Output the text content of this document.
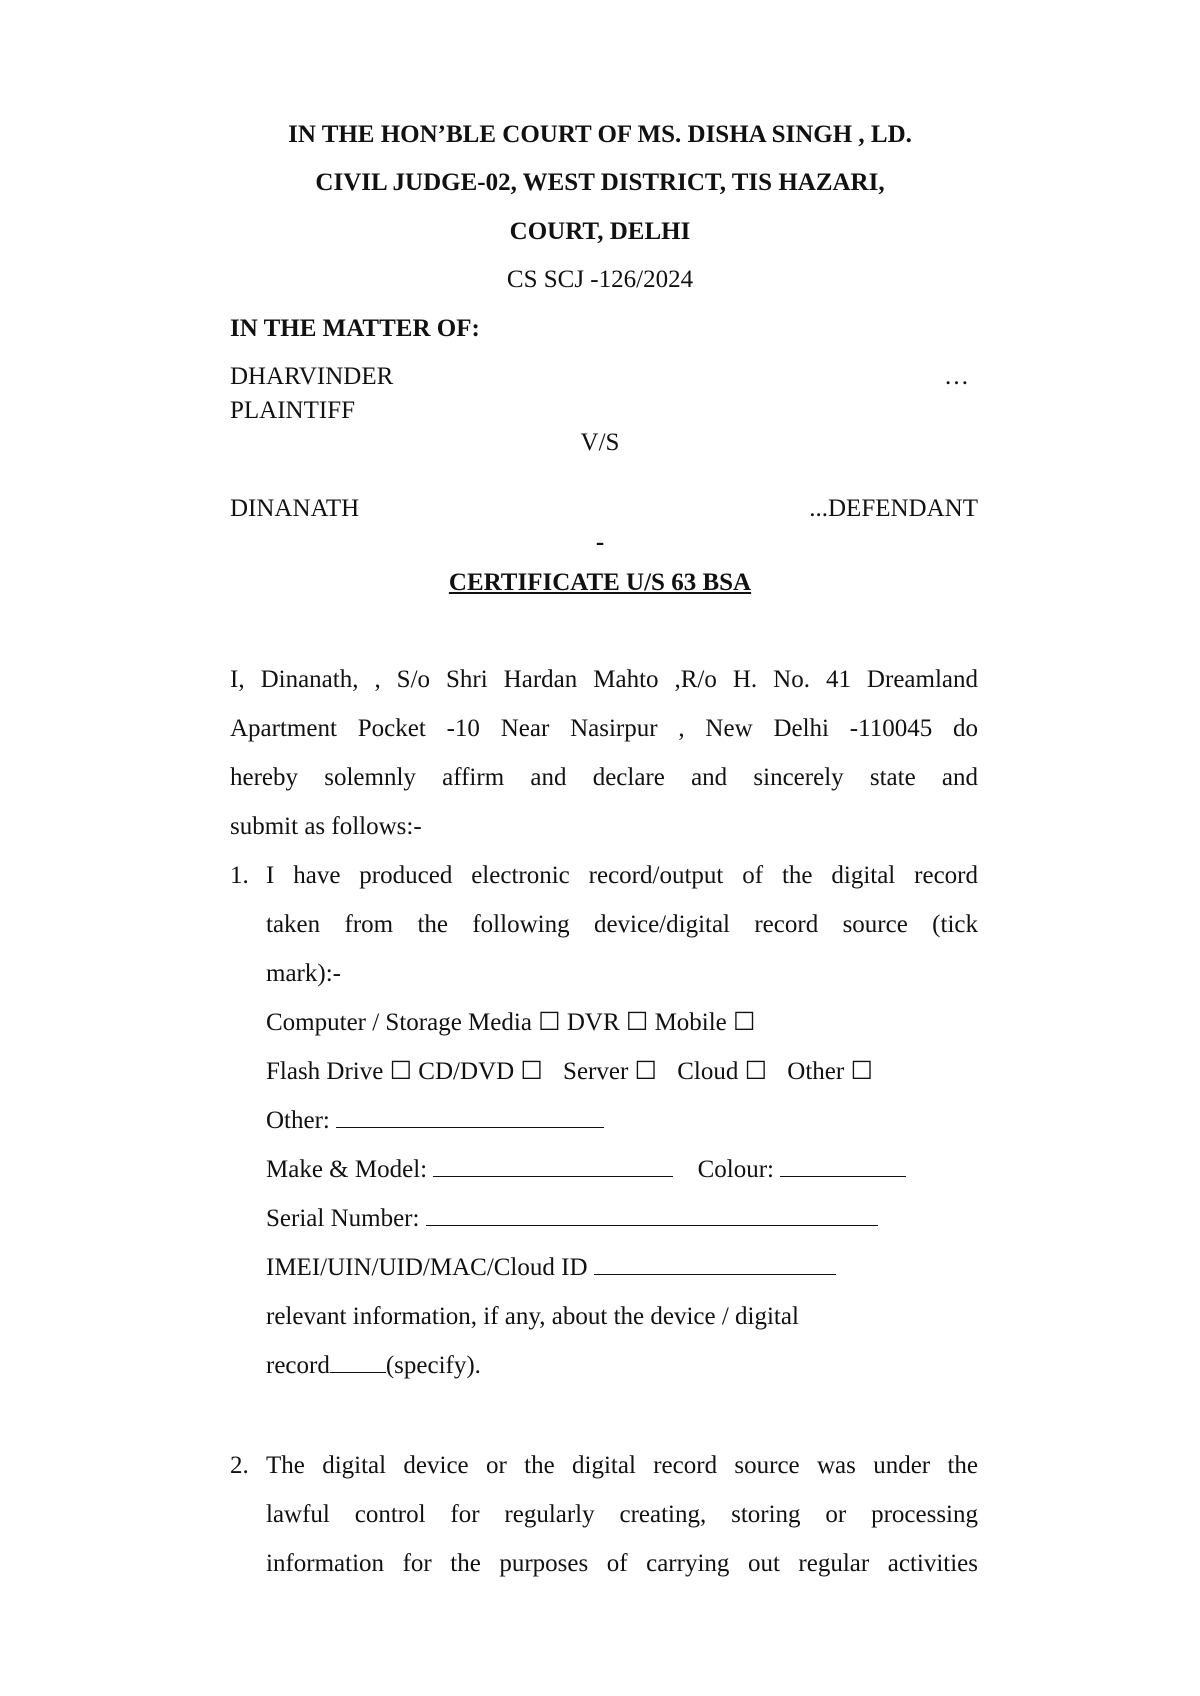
IN THE HON’BLE COURT OF MS. DISHA SINGH , LD.
CIVIL JUDGE-02, WEST DISTRICT, TIS HAZARI,
COURT, DELHI
CS SCJ -126/2024
IN THE MATTER OF:
DHARVINDER	…
PLAINTIFF
V/S
DINANATH	...DEFENDANT
-
CERTIFICATE U/S 63 BSA
I, Dinanath, , S/o Shri Hardan Mahto ,R/o H. No. 41 Dreamland
Apartment Pocket -10 Near Nasirpur , New Delhi -110045 do
hereby solemnly affirm and declare and sincerely state and
submit as follows:-
1. I have produced electronic record/output of the digital record
taken from the following device/digital record source (tick
mark):-
Computer / Storage Media ☐ DVR ☐ Mobile ☐
Flash Drive ☐ CD/DVD ☐ Server ☐ Cloud ☐ Other ☐
Other:
Make & Model:	Colour:
Serial Number:
IMEI/UIN/UID/MAC/Cloud ID
relevant information, if any, about the device / digital
record (specify).
2. The digital device or the digital record source was under the
lawful control for regularly creating, storing or processing
information for the purposes of carrying out regular activities
